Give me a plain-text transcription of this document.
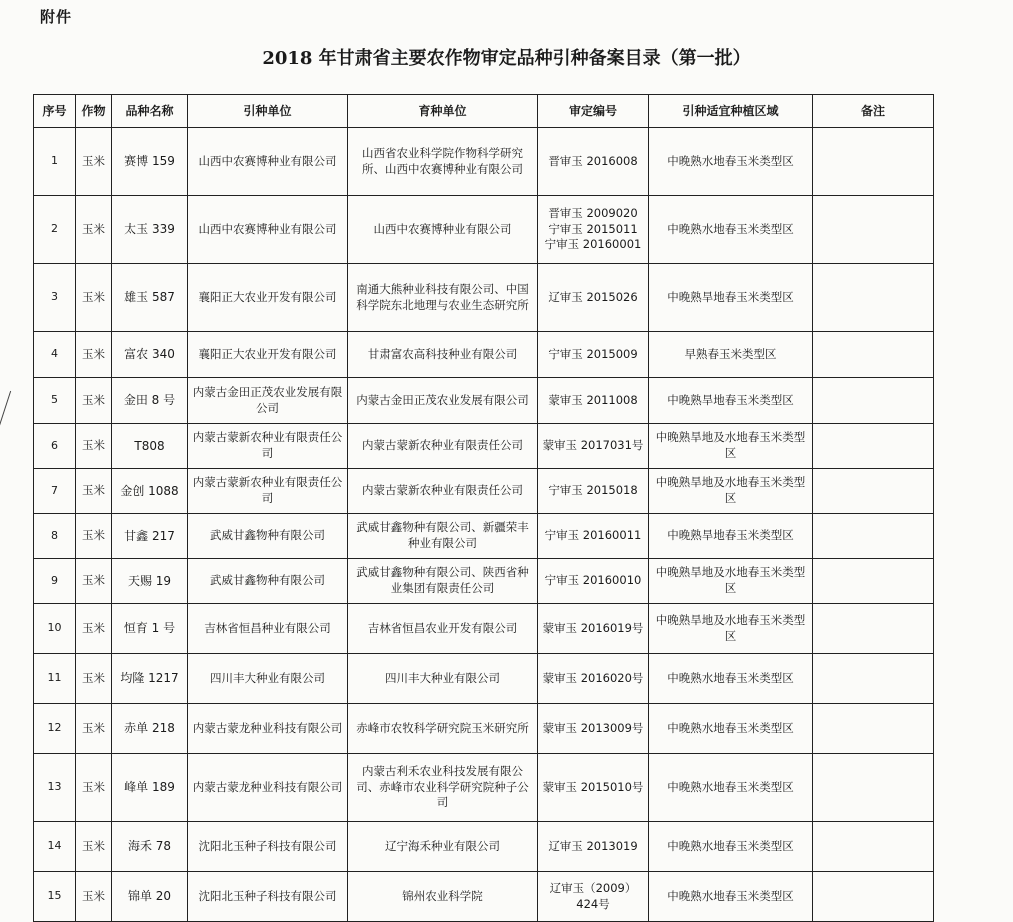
附件
2018 年甘肃省主要农作物审定品种引种备案目录（第一批）
序号	作物	品种名称	引种单位	育种单位	审定编号	引种适宜种植区域	备注
1	玉米	赛博 159	山西中农赛博种业有限公司	山西省农业科学院作物科学研究所、山西中农赛博种业有限公司	晋审玉 2016008	中晚熟水地春玉米类型区	
2	玉米	太玉 339	山西中农赛博种业有限公司	山西中农赛博种业有限公司	晋审玉 2009020 宁审玉 2015011 宁审玉 20160001	中晚熟水地春玉米类型区	
3	玉米	雄玉 587	襄阳正大农业开发有限公司	南通大熊种业科技有限公司、中国科学院东北地理与农业生态研究所	辽审玉 2015026	中晚熟旱地春玉米类型区	
4	玉米	富农 340	襄阳正大农业开发有限公司	甘肃富农高科技种业有限公司	宁审玉 2015009	早熟春玉米类型区	
5	玉米	金田 8 号	内蒙古金田正茂农业发展有限公司	内蒙古金田正茂农业发展有限公司	蒙审玉 2011008	中晚熟旱地春玉米类型区	
6	玉米	T808	内蒙古蒙新农种业有限责任公司	内蒙古蒙新农种业有限责任公司	蒙审玉 2017031号	中晚熟旱地及水地春玉米类型区	
7	玉米	金创 1088	内蒙古蒙新农种业有限责任公司	内蒙古蒙新农种业有限责任公司	宁审玉 2015018	中晚熟旱地及水地春玉米类型区	
8	玉米	甘鑫 217	武威甘鑫物种有限公司	武威甘鑫物种有限公司、新疆荣丰种业有限公司	宁审玉 20160011	中晚熟旱地春玉米类型区	
9	玉米	天赐 19	武威甘鑫物种有限公司	武威甘鑫物种有限公司、陕西省种业集团有限责任公司	宁审玉 20160010	中晚熟旱地及水地春玉米类型区	
10	玉米	恒育 1 号	吉林省恒昌种业有限公司	吉林省恒昌农业开发有限公司	蒙审玉 2016019号	中晚熟旱地及水地春玉米类型区	
11	玉米	均隆 1217	四川丰大种业有限公司	四川丰大种业有限公司	蒙审玉 2016020号	中晚熟水地春玉米类型区	
12	玉米	赤单 218	内蒙古蒙龙种业科技有限公司	赤峰市农牧科学研究院玉米研究所	蒙审玉 2013009号	中晚熟水地春玉米类型区	
13	玉米	峰单 189	内蒙古蒙龙种业科技有限公司	内蒙古利禾农业科技发展有限公司、赤峰市农业科学研究院种子公司	蒙审玉 2015010号	中晚熟水地春玉米类型区	
14	玉米	海禾 78	沈阳北玉种子科技有限公司	辽宁海禾种业有限公司	辽审玉 2013019	中晚熟水地春玉米类型区	
15	玉米	锦单 20	沈阳北玉种子科技有限公司	锦州农业科学院	辽审玉（2009）424号	中晚熟水地春玉米类型区	
